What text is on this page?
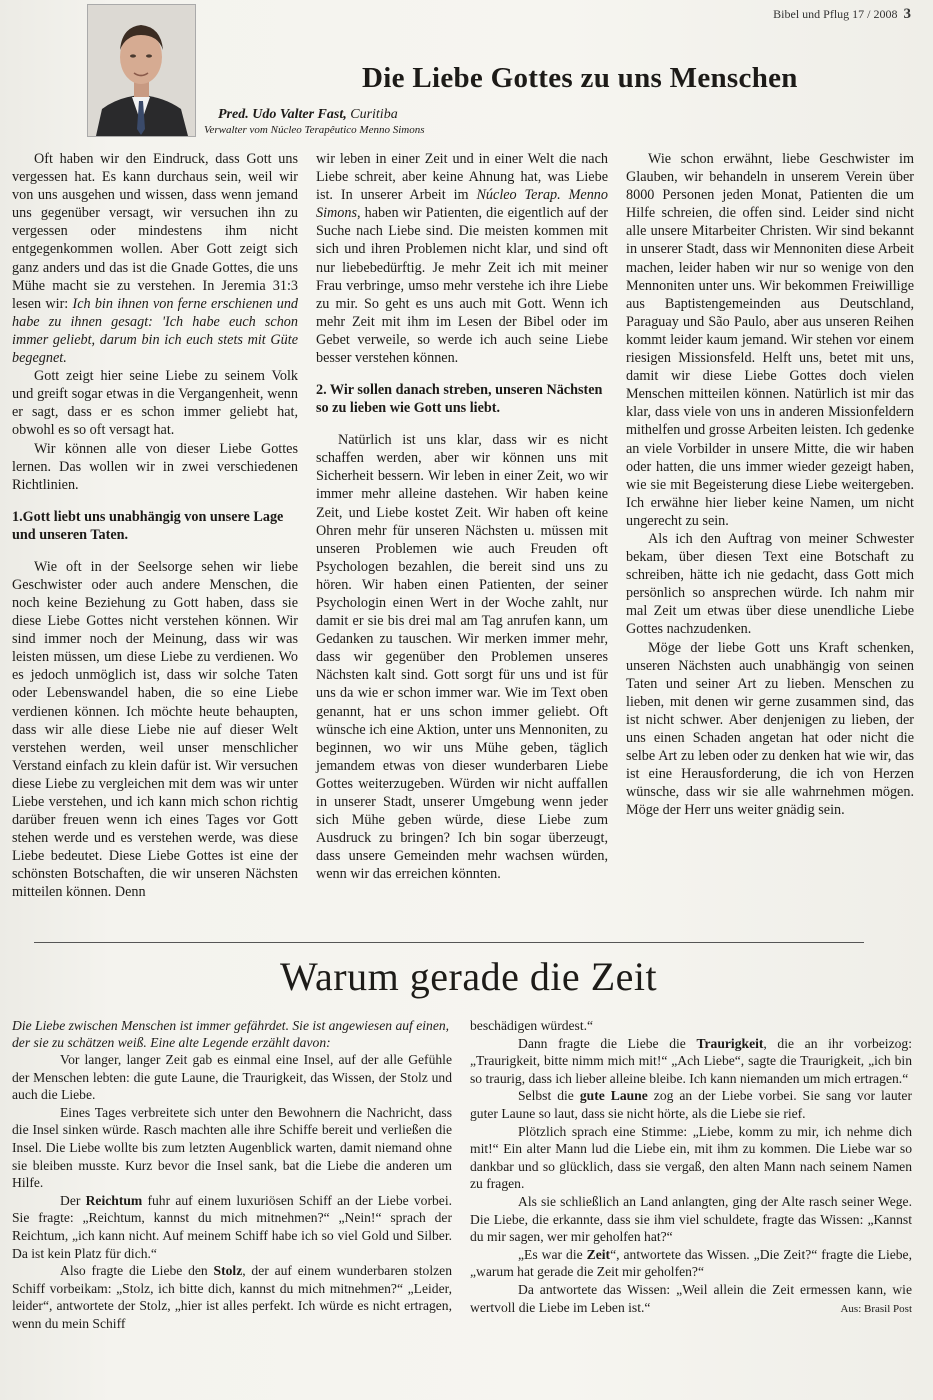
Bibel und Pflug 17 / 2008 3
Die Liebe Gottes zu uns Menschen
Pred. Udo Valter Fast, Curitiba
Verwalter vom Núcleo Terapêutico Menno Simons

Oft haben wir den Eindruck, dass Gott uns vergessen hat. Es kann durchaus sein, weil wir von uns ausgehen und wissen, dass wenn jemand uns gegenüber versagt, wir versuchen ihn zu vergessen oder mindestens ihm nicht entgegenkommen wollen. Aber Gott zeigt sich ganz anders und das ist die Gnade Gottes, die uns Mühe macht sie zu verstehen. In Jeremia 31:3 lesen wir: Ich bin ihnen von ferne erschienen und habe zu ihnen gesagt: 'Ich habe euch schon immer geliebt, darum bin ich euch stets mit Güte begegnet.

Gott zeigt hier seine Liebe zu seinem Volk und greift sogar etwas in die Vergangenheit, wenn er sagt, dass er es schon immer geliebt hat, obwohl es so oft versagt hat.

Wir können alle von dieser Liebe Gottes lernen. Das wollen wir in zwei verschiedenen Richtlinien.

1.Gott liebt uns unabhängig von unsere Lage und unseren Taten.

Wie oft in der Seelsorge sehen wir liebe Geschwister oder auch andere Menschen, die noch keine Beziehung zu Gott haben, dass sie diese Liebe Gottes nicht verstehen können. Wir sind immer noch der Meinung, dass wir was leisten müssen, um diese Liebe zu verdienen. Wo es jedoch unmöglich ist, dass wir solche Taten oder Lebenswandel haben, die so eine Liebe verdienen können. Ich möchte heute behaupten, dass wir alle diese Liebe nie auf dieser Welt verstehen werden, weil unser menschlicher Verstand einfach zu klein dafür ist. Wir versuchen diese Liebe zu vergleichen mit dem was wir unter Liebe verstehen, und ich kann mich schon richtig darüber freuen wenn ich eines Tages vor Gott stehen werde und es verstehen werde, was diese Liebe bedeutet. Diese Liebe Gottes ist eine der schönsten Botschaften, die wir unseren Nächsten mitteilen können. Denn

wir leben in einer Zeit und in einer Welt die nach Liebe schreit, aber keine Ahnung hat, was Liebe ist. In unserer Arbeit im Núcleo Terap. Menno Simons, haben wir Patienten, die eigentlich auf der Suche nach Liebe sind. Die meisten kommen mit sich und ihren Problemen nicht klar, und sind oft nur liebebedürftig. Je mehr Zeit ich mit meiner Frau verbringe, umso mehr verstehe ich ihre Liebe zu mir. So geht es uns auch mit Gott. Wenn ich mehr Zeit mit ihm im Lesen der Bibel oder im Gebet verweile, so werde ich auch seine Liebe besser verstehen können.

2. Wir sollen danach streben, unseren Nächsten so zu lieben wie Gott uns liebt.

Natürlich ist uns klar, dass wir es nicht schaffen werden, aber wir können uns mit Sicherheit bessern. Wir leben in einer Zeit, wo wir immer mehr alleine dastehen. Wir haben keine Zeit, und Liebe kostet Zeit. Wir haben oft keine Ohren mehr für unseren Nächsten u. müssen mit unseren Problemen wie auch Freuden oft Psychologen bezahlen, die bereit sind uns zu hören. Wir haben einen Patienten, der seiner Psychologin einen Wert in der Woche zahlt, nur damit er sie bis drei mal am Tag anrufen kann, um Gedanken zu tauschen. Wir merken immer mehr, dass wir gegenüber den Problemen unseres Nächsten kalt sind. Gott sorgt für uns und ist für uns da wie er schon immer war. Wie im Text oben genannt, hat er uns schon immer geliebt. Oft wünsche ich eine Aktion, unter uns Mennoniten, zu beginnen, wo wir uns Mühe geben, täglich jemandem etwas von dieser wunderbaren Liebe Gottes weiterzugeben. Würden wir nicht auffallen in unserer Stadt, unserer Umgebung wenn jeder sich Mühe geben würde, diese Liebe zum Ausdruck zu bringen? Ich bin sogar überzeugt, dass unsere Gemeinden mehr wachsen würden, wenn wir das erreichen könnten.

Wie schon erwähnt, liebe Geschwister im Glauben, wir behandeln in unserem Verein über 8000 Personen jeden Monat, Patienten die um Hilfe schreien, die offen sind. Leider sind nicht alle unsere Mitarbeiter Christen. Wir sind bekannt in unserer Stadt, dass wir Mennoniten diese Arbeit machen, leider haben wir nur so wenige von den Mennoniten unter uns. Wir bekommen Freiwillige aus Baptistengemeinden aus Deutschland, Paraguay und São Paulo, aber aus unseren Reihen kommt leider kaum jemand. Wir stehen vor einem riesigen Missionsfeld. Helft uns, betet mit uns, damit wir diese Liebe Gottes doch vielen Menschen mitteilen können. Natürlich ist mir das klar, dass viele von uns in anderen Missionfeldern mithelfen und grosse Arbeiten leisten. Ich gedenke an viele Vorbilder in unsere Mitte, die wir haben oder hatten, die uns immer wieder gezeigt haben, wie sie mit Begeisterung diese Liebe weitergeben. Ich erwähne hier lieber keine Namen, um nicht ungerecht zu sein.

Als ich den Auftrag von meiner Schwester bekam, über diesen Text eine Botschaft zu schreiben, hätte ich nie gedacht, dass Gott mich persönlich so ansprechen würde. Ich nahm mir mal Zeit um etwas über diese unendliche Liebe Gottes nachzudenken.

Möge der liebe Gott uns Kraft schenken, unseren Nächsten auch unabhängig von seinen Taten und seiner Art zu lieben. Menschen zu lieben, mit denen wir gerne zusammen sind, das ist nicht schwer. Aber denjenigen zu lieben, der uns einen Schaden angetan hat oder nicht die selbe Art zu leben oder zu denken hat wie wir, das ist eine Herausforderung, die ich von Herzen wünsche, dass wir sie alle wahrnehmen mögen. Möge der Herr uns weiter gnädig sein.

Warum gerade die Zeit
Die Liebe zwischen Menschen ist immer gefährdet. Sie ist angewiesen auf einen, der sie zu schätzen weiß. Eine alte Legende erzählt davon:

Vor langer, langer Zeit gab es einmal eine Insel, auf der alle Gefühle der Menschen lebten: die gute Laune, die Traurigkeit, das Wissen, der Stolz und auch die Liebe.

Eines Tages verbreitete sich unter den Bewohnern die Nachricht, dass die Insel sinken würde. Rasch machten alle ihre Schiffe bereit und verließen die Insel. Die Liebe wollte bis zum letzten Augenblick warten, damit niemand ohne sie bleiben musste. Kurz bevor die Insel sank, bat die Liebe die anderen um Hilfe.

Der Reichtum fuhr auf einem luxuriösen Schiff an der Liebe vorbei. Sie fragte: „Reichtum, kannst du mich mitnehmen?“ „Nein!“ sprach der Reichtum, „ich kann nicht. Auf meinem Schiff habe ich so viel Gold und Silber. Da ist kein Platz für dich.“

Also fragte die Liebe den Stolz, der auf einem wunderbaren stolzen Schiff vorbeikam: „Stolz, ich bitte dich, kannst du mich mitnehmen?“ „Leider, leider“, antwortete der Stolz, „hier ist alles perfekt. Ich würde es nicht ertragen, wenn du mein Schiff

beschädigen würdest.“

Dann fragte die Liebe die Traurigkeit, die an ihr vorbeizog: „Traurigkeit, bitte nimm mich mit!“ „Ach Liebe“, sagte die Traurigkeit, „ich bin so traurig, dass ich lieber alleine bleibe. Ich kann niemanden um mich ertragen.“

Selbst die gute Laune zog an der Liebe vorbei. Sie sang vor lauter guter Laune so laut, dass sie nicht hörte, als die Liebe sie rief.

Plötzlich sprach eine Stimme: „Liebe, komm zu mir, ich nehme dich mit!“ Ein alter Mann lud die Liebe ein, mit ihm zu kommen. Die Liebe war so dankbar und so glücklich, dass sie vergaß, den alten Mann nach seinem Namen zu fragen.

Als sie schließlich an Land anlangten, ging der Alte rasch seiner Wege. Die Liebe, die erkannte, dass sie ihm viel schuldete, fragte das Wissen: „Kannst du mir sagen, wer mir geholfen hat?“

„Es war die Zeit“, antwortete das Wissen. „Die Zeit?“ fragte die Liebe, „warum hat gerade die Zeit mir geholfen?“

Da antwortete das Wissen: „Weil allein die Zeit ermessen kann, wie wertvoll die Liebe im Leben ist.“	Aus: Brasil Post
